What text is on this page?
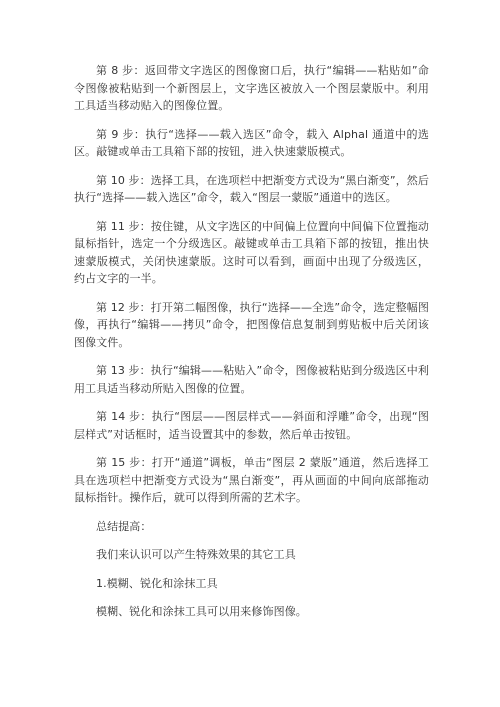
第 8 步：返回带文字选区的图像窗口后，执行“编辑——粘贴如”命令图像被粘贴到一个新图层上，文字选区被放入一个图层蒙版中。利用工具适当移动贴入的图像位置。

第 9 步：执行“选择——载入选区”命令，载入 Alphal 通道中的选区。敲键或单击工具箱下部的按钮，进入快速蒙版模式。

第 10 步：选择工具，在选项栏中把渐变方式设为“黑白渐变”，然后执行“选择——载入选区”命令，载入“图层一蒙版”通道中的选区。

第 11 步：按住键，从文字选区的中间偏上位置向中间偏下位置拖动鼠标指针，选定一个分级选区。敲键或单击工具箱下部的按钮，推出快速蒙版模式，关闭快速蒙版。这时可以看到，画面中出现了分级选区，约占文字的一半。

第 12 步：打开第二幅图像，执行“选择——全选”命令，选定整幅图像，再执行“编辑——拷贝”命令，把图像信息复制到剪贴板中后关闭该图像文件。

第 13 步：执行“编辑——粘贴入”命令，图像被粘贴到分级选区中利用工具适当移动所贴入图像的位置。

第 14 步：执行“图层——图层样式——斜面和浮雕”命令，出现“图层样式”对话框时，适当设置其中的参数，然后单击按钮。

第 15 步：打开“通道”调板，单击“图层 2 蒙版”通道，然后选择工具在选项栏中把渐变方式设为“黑白渐变”，再从画面的中间向底部拖动鼠标指针。操作后，就可以得到所需的艺术字。

总结提高：

我们来认识可以产生特殊效果的其它工具

1.模糊、锐化和涂抹工具

模糊、锐化和涂抹工具可以用来修饰图像。
